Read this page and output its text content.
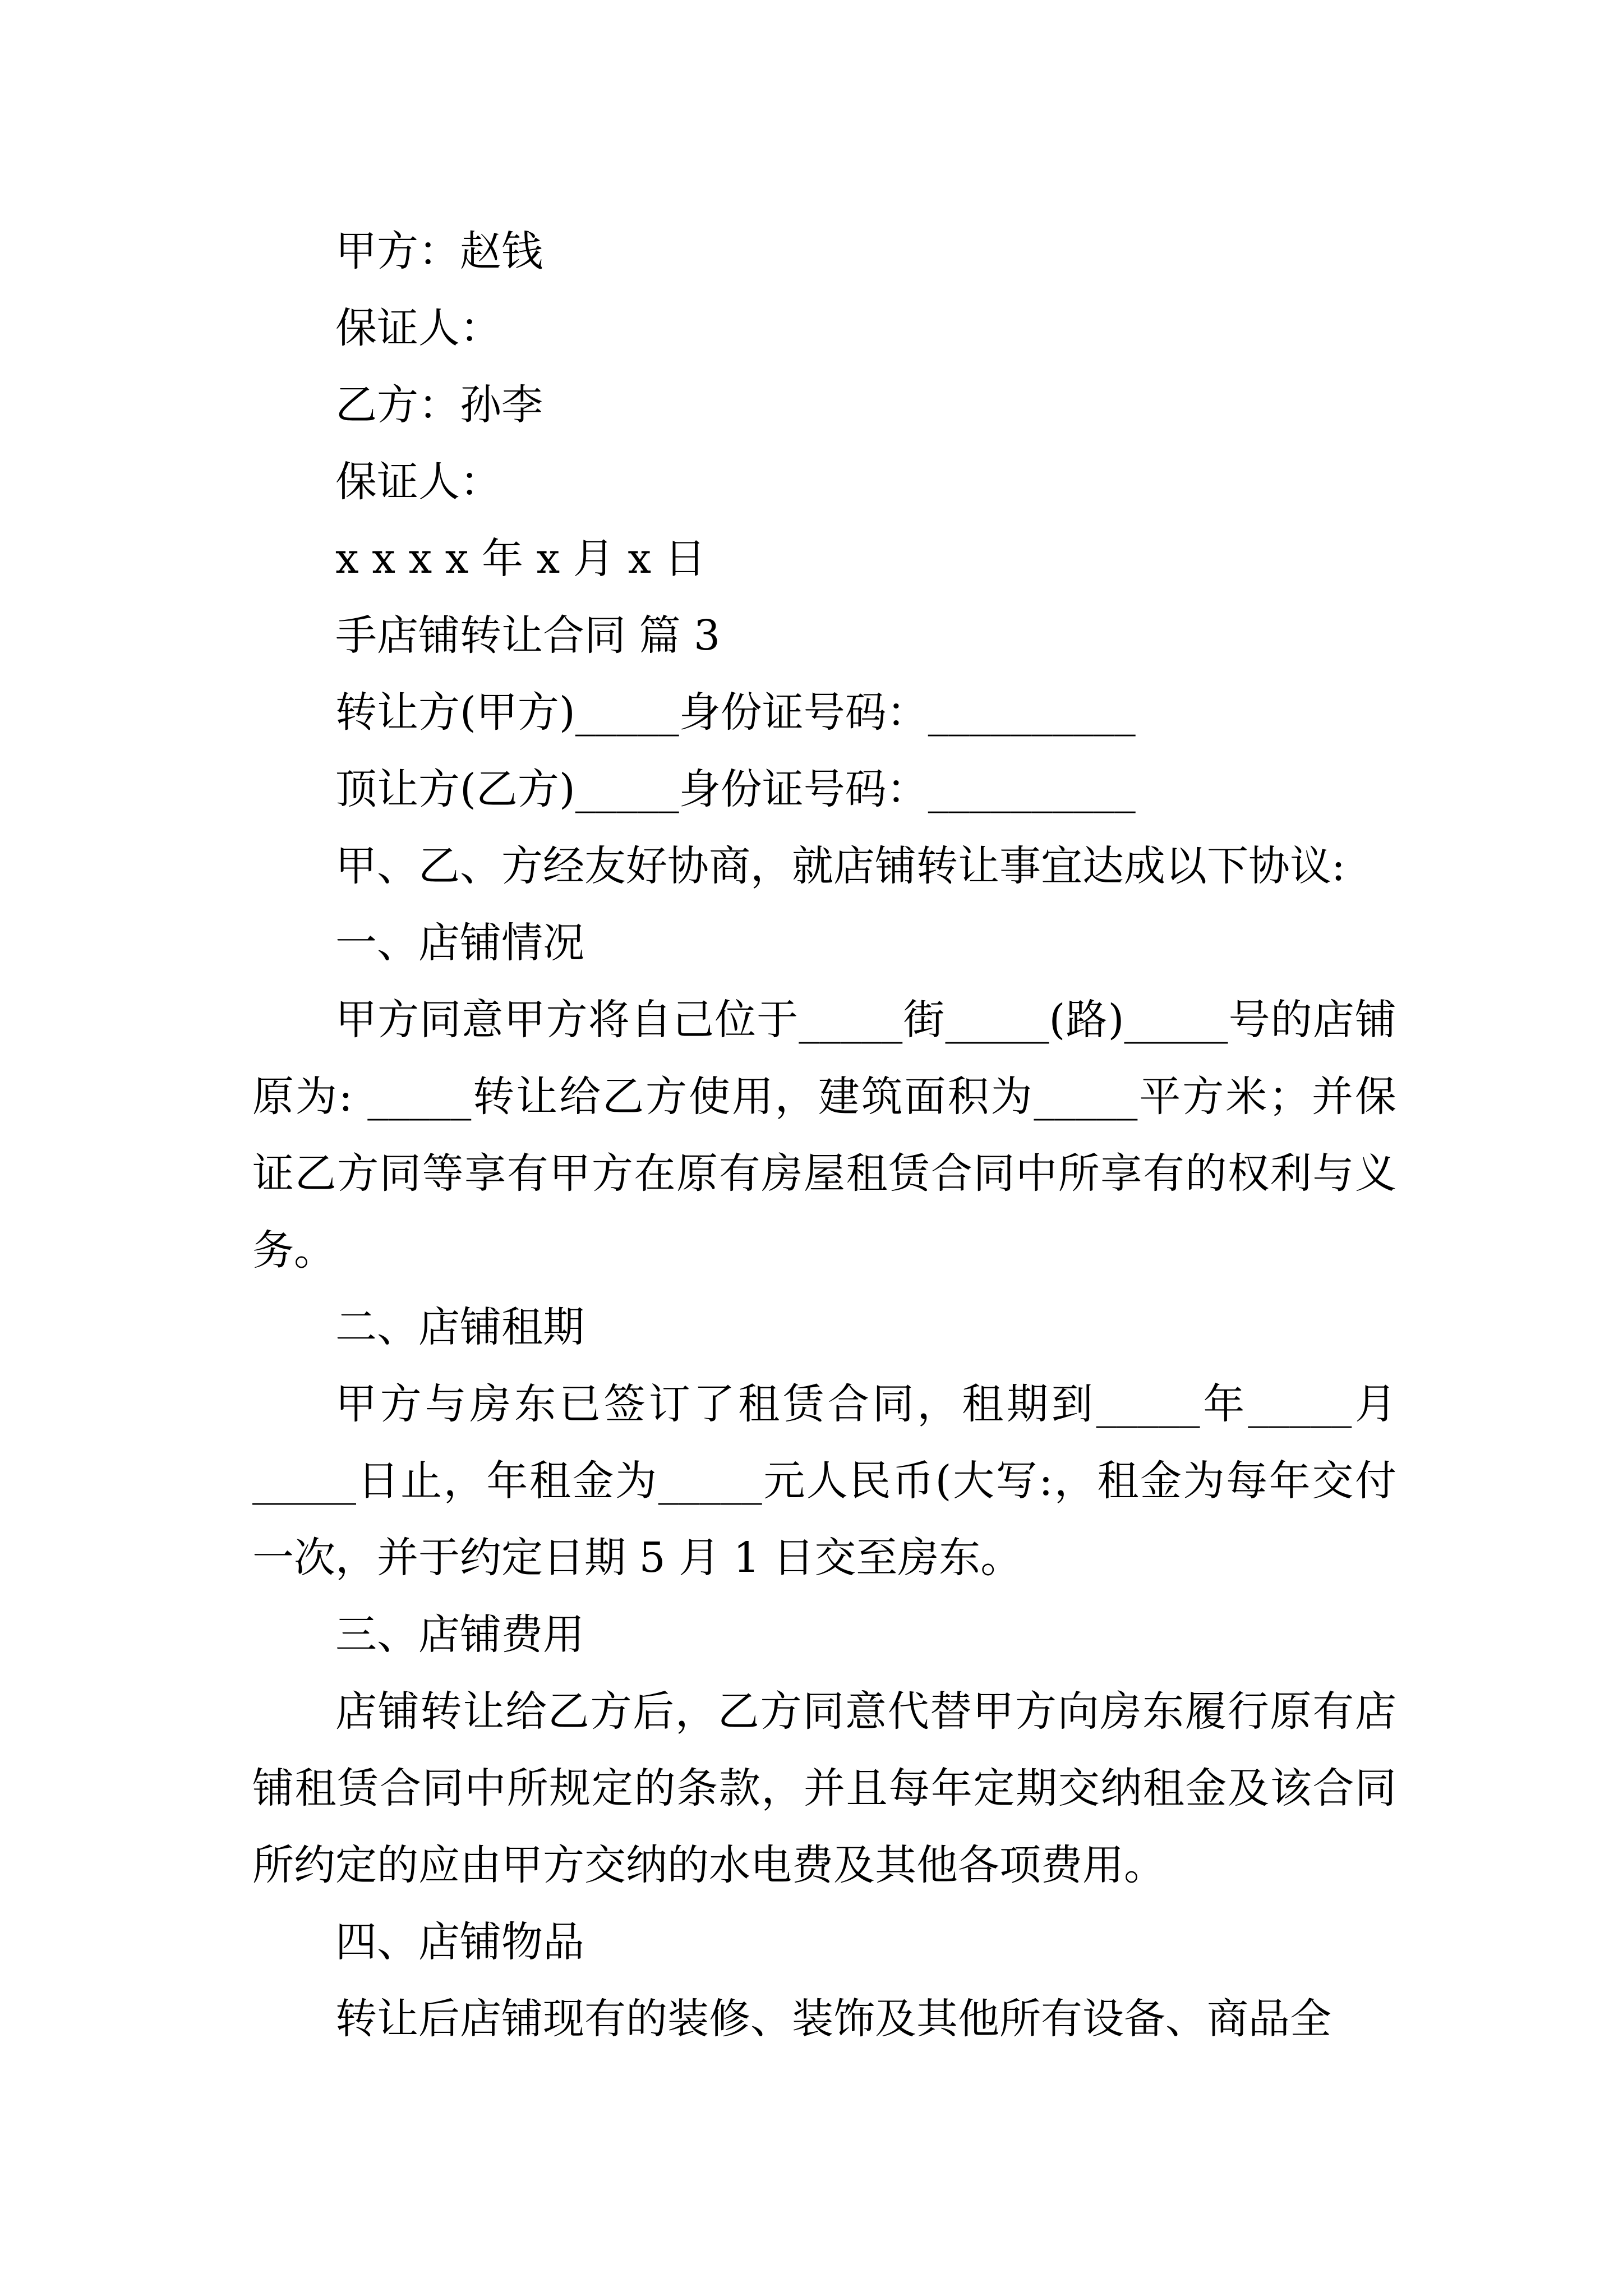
甲方：赵钱

保证人：

乙方：孙李

保证人：

x x x x 年 x 月 x 日

手店铺转让合同 篇 3

转让方(甲方)_____身份证号码：__________

顶让方(乙方)_____身份证号码：__________

甲、乙、方经友好协商，就店铺转让事宜达成以下协议:

一、店铺情况

甲方同意甲方将自己位于_____街_____(路)_____号的店铺原为: _____转让给乙方使用，建筑面积为_____平方米；并保证乙方同等享有甲方在原有房屋租赁合同中所享有的权利与义务。

二、店铺租期

甲方与房东已签订了租赁合同，租期到_____年_____月_____日止，年租金为_____元人民币(大写:，租金为每年交付一次，并于约定日期 5 月 1 日交至房东。

三、店铺费用

店铺转让给乙方后，乙方同意代替甲方向房东履行原有店铺租赁合同中所规定的条款，并且每年定期交纳租金及该合同所约定的应由甲方交纳的水电费及其他各项费用。

四、店铺物品

转让后店铺现有的装修、装饰及其他所有设备、商品全
